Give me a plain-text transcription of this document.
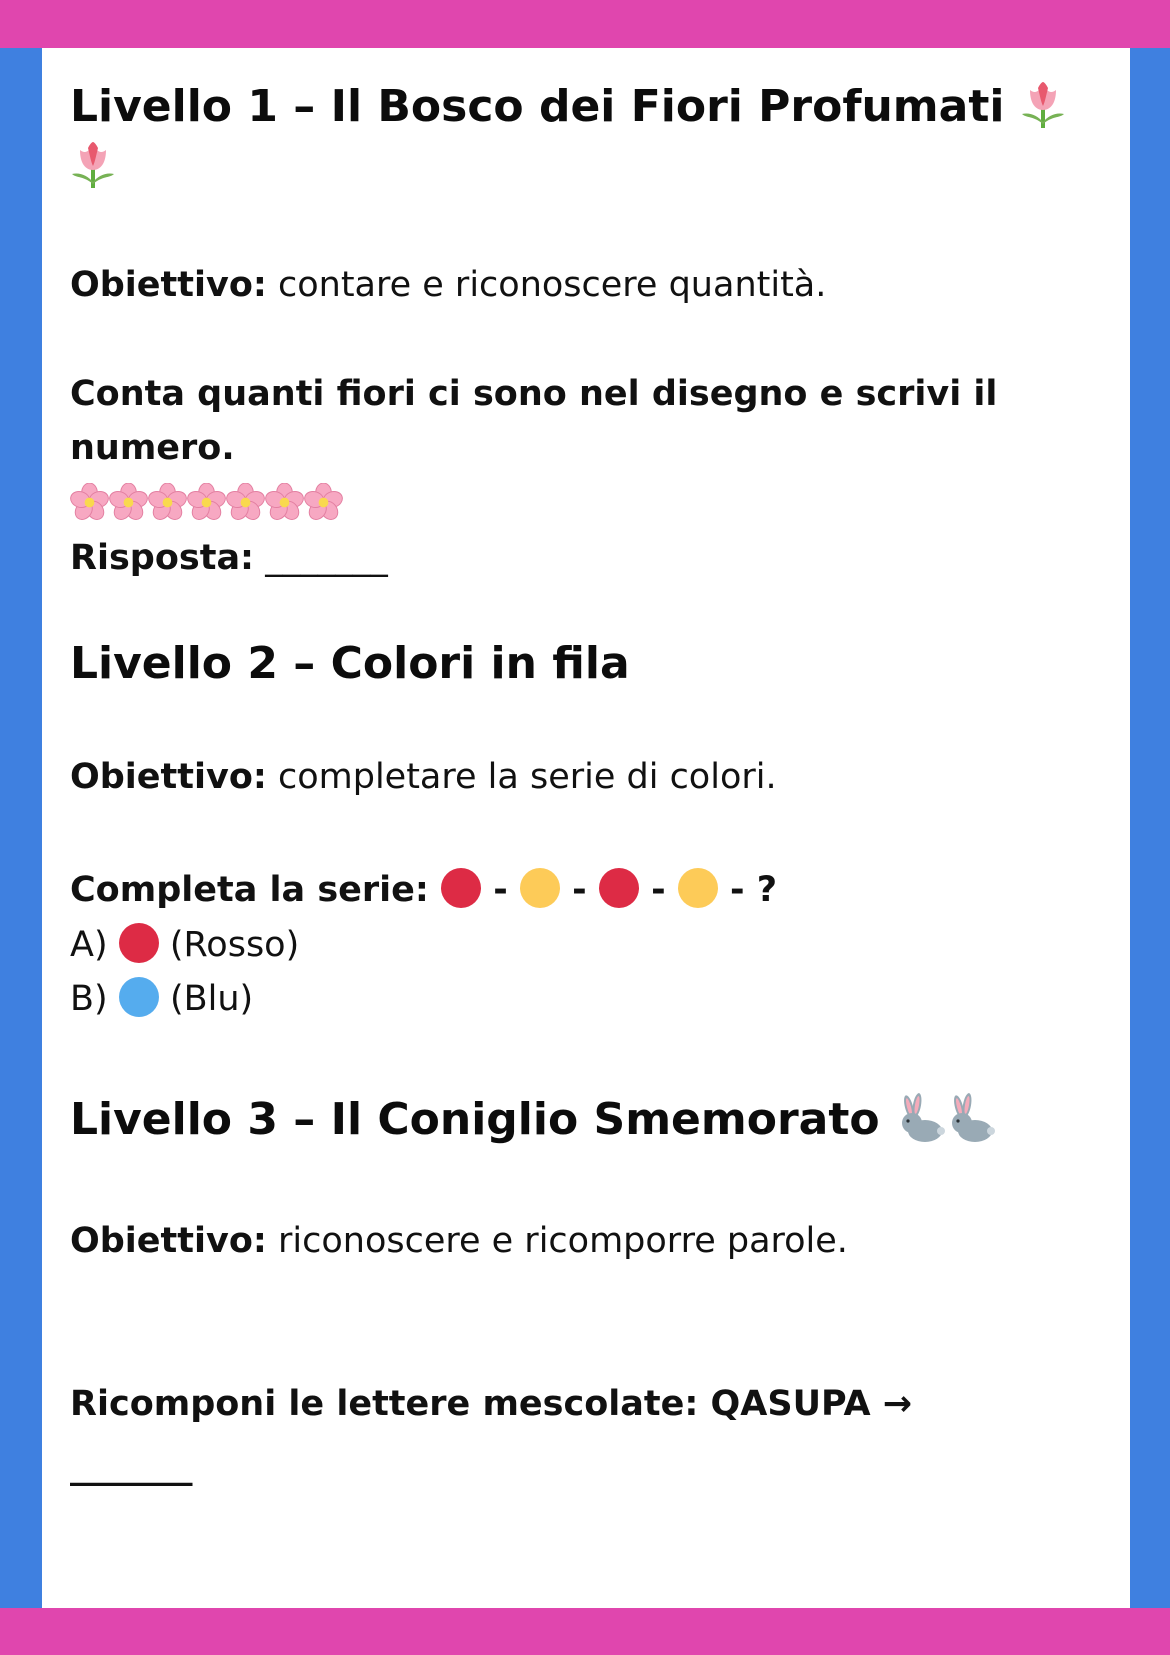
Livello 1 – Il Bosco dei Fiori Profumati
Obiettivo: contare e riconoscere quantità.
Conta quanti fiori ci sono nel disegno e scrivi il
numero.
Risposta: _______
Livello 2 – Colori in fila
Obiettivo: completare la serie di colori.
Completa la serie: - - - - ?
A) (Rosso)
B) (Blu)
Livello 3 – Il Coniglio Smemorato
Obiettivo: riconoscere e ricomporre parole.
Ricomponi le lettere mescolate: QASUPA →
_______
